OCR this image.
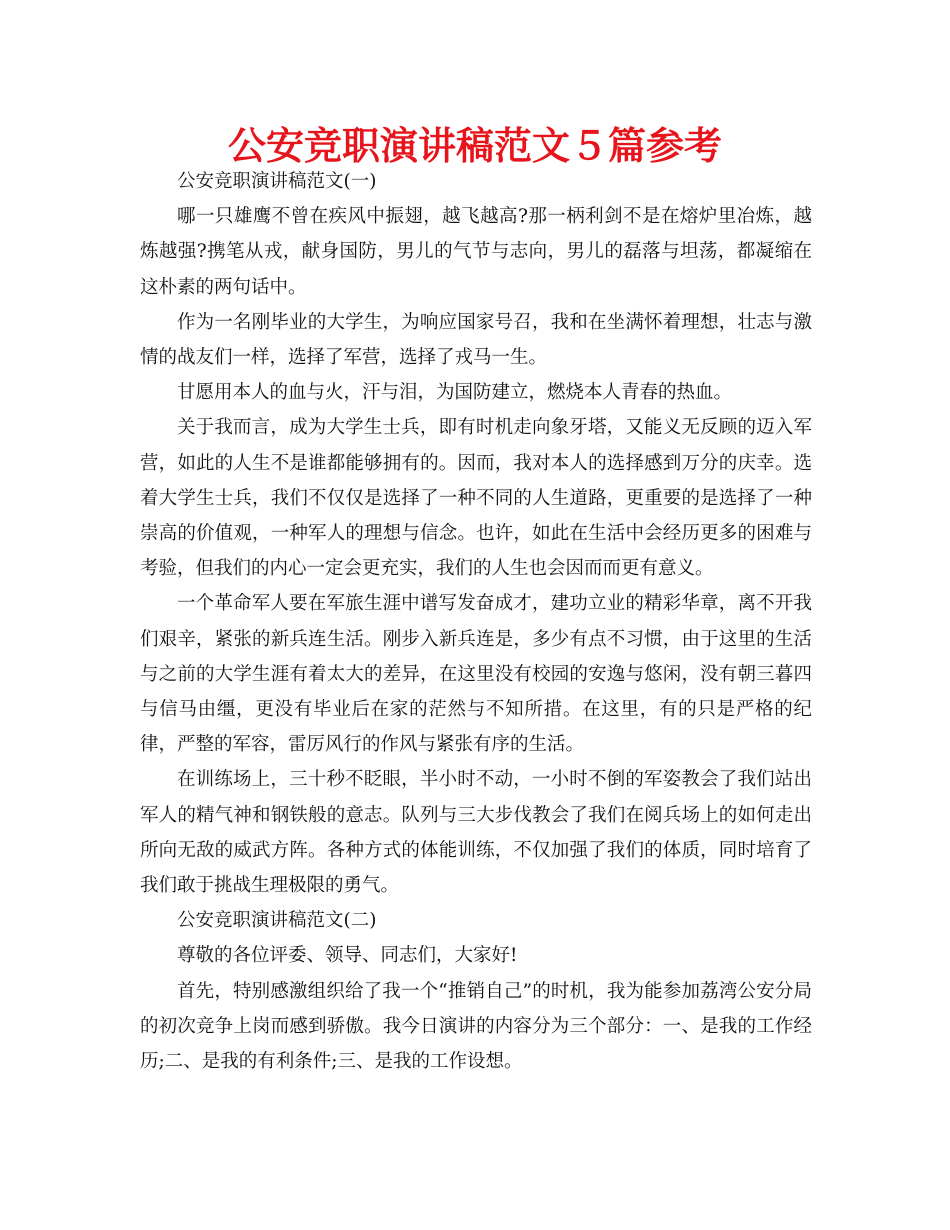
公安竞职演讲稿范文５篇参考

公安竞职演讲稿范文(一)

哪一只雄鹰不曾在疾风中振翅，越飞越高?那一柄利剑不是在熔炉里冶炼，越炼越强?携笔从戎，献身国防，男儿的气节与志向，男儿的磊落与坦荡，都凝缩在这朴素的两句话中。

作为一名刚毕业的大学生，为响应国家号召，我和在坐满怀着理想，壮志与激情的战友们一样，选择了军营，选择了戎马一生。

甘愿用本人的血与火，汗与泪，为国防建立，燃烧本人青春的热血。

关于我而言，成为大学生士兵，即有时机走向象牙塔，又能义无反顾的迈入军营，如此的人生不是谁都能够拥有的。因而，我对本人的选择感到万分的庆幸。选着大学生士兵，我们不仅仅是选择了一种不同的人生道路，更重要的是选择了一种崇高的价值观，一种军人的理想与信念。也许，如此在生活中会经历更多的困难与考验，但我们的内心一定会更充实，我们的人生也会因而而更有意义。

一个革命军人要在军旅生涯中谱写发奋成才，建功立业的精彩华章，离不开我们艰辛，紧张的新兵连生活。刚步入新兵连是，多少有点不习惯，由于这里的生活与之前的大学生涯有着太大的差异，在这里没有校园的安逸与悠闲，没有朝三暮四与信马由缰，更没有毕业后在家的茫然与不知所措。在这里，有的只是严格的纪律，严整的军容，雷厉风行的作风与紧张有序的生活。

在训练场上，三十秒不眨眼，半小时不动，一小时不倒的军姿教会了我们站出军人的精气神和钢铁般的意志。队列与三大步伐教会了我们在阅兵场上的如何走出所向无敌的威武方阵。各种方式的体能训练，不仅加强了我们的体质，同时培育了我们敢于挑战生理极限的勇气。

公安竞职演讲稿范文(二)

尊敬的各位评委、领导、同志们，大家好!

首先，特别感激组织给了我一个“推销自己”的时机，我为能参加荔湾公安分局的初次竞争上岗而感到骄傲。我今日演讲的内容分为三个部分：一、是我的工作经历;二、是我的有利条件;三、是我的工作设想。
